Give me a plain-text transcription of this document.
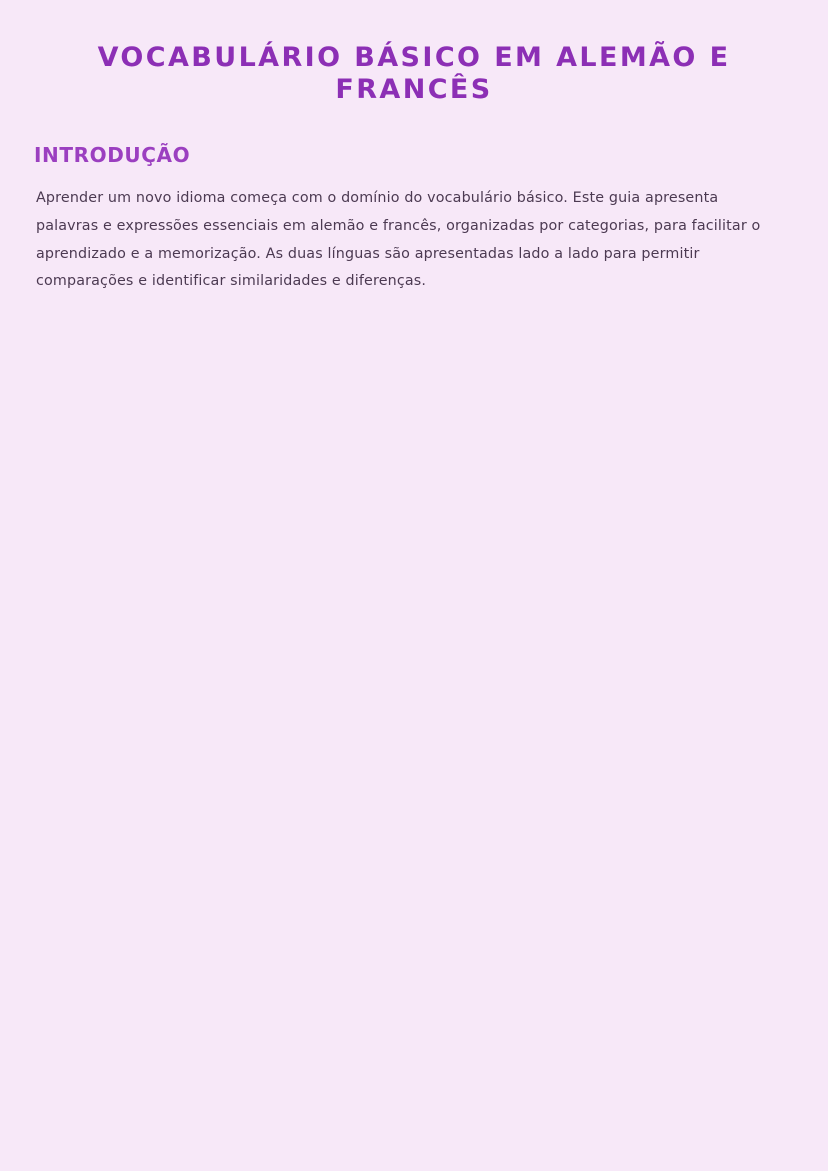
VOCABULÁRIO BÁSICO EM ALEMÃO E FRANCÊS
INTRODUÇÃO

Aprender um novo idioma começa com o domínio do vocabulário básico. Este guia apresenta palavras e expressões essenciais em alemão e francês, organizadas por categorias, para facilitar o aprendizado e a memorização. As duas línguas são apresentadas lado a lado para permitir comparações e identificar similaridades e diferenças.
